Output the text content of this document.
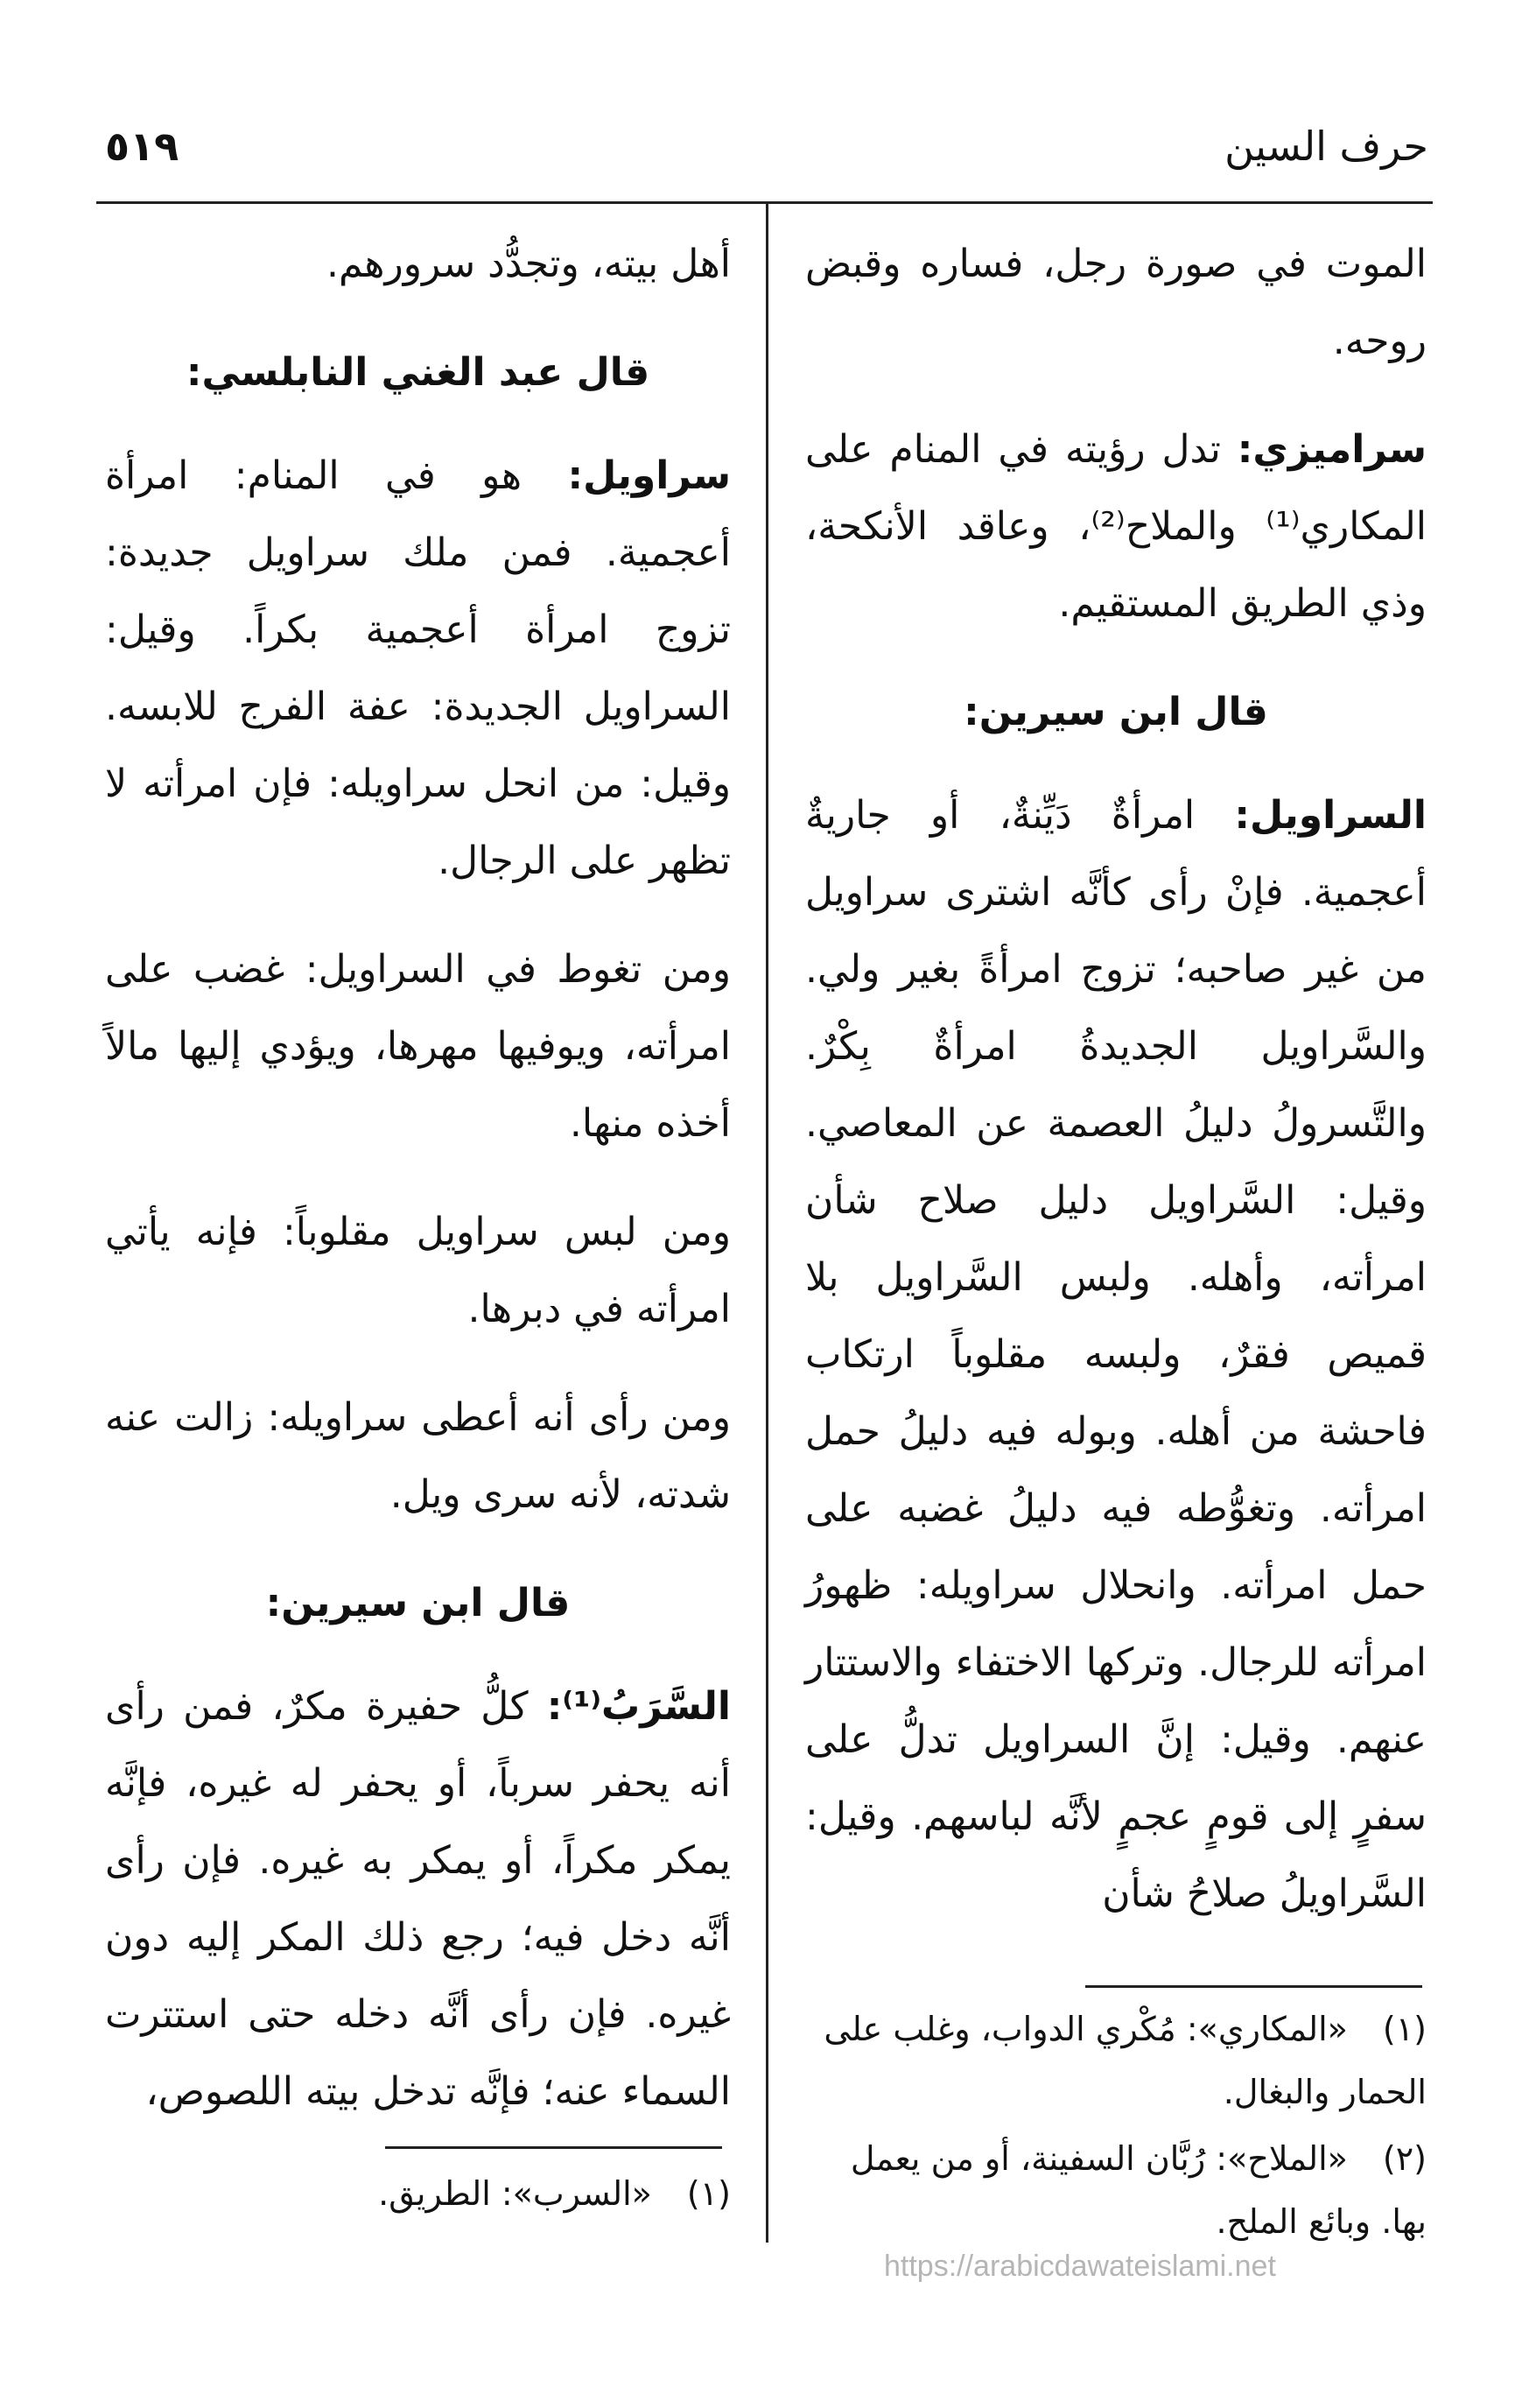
٥١٩	حرف السين

الموت في صورة رجل، فساره وقبض روحه.

سراميزي: تدل رؤيته في المنام على المكاري⁽¹⁾ والملاح⁽²⁾، وعاقد الأنكحة، وذي الطريق المستقيم.

قال ابن سيرين:

السراويل: امرأةٌ دَيِّنةٌ، أو جاريةٌ أعجمية. فإنْ رأى كأنَّه اشترى سراويل من غير صاحبه؛ تزوج امرأةً بغير ولي. والسَّراويل الجديدةُ امرأةٌ بِكْرٌ. والتَّسرولُ دليلُ العصمة عن المعاصي. وقيل: السَّراويل دليل صلاح شأن امرأته، وأهله. ولبس السَّراويل بلا قميص فقرٌ، ولبسه مقلوباً ارتكاب فاحشة من أهله. وبوله فيه دليلُ حمل امرأته. وتغوُّطه فيه دليلُ غضبه على حمل امرأته. وانحلال سراويله: ظهورُ امرأته للرجال. وتركها الاختفاء والاستتار عنهم. وقيل: إنَّ السراويل تدلُّ على سفرٍ إلى قومٍ عجمٍ لأنَّه لباسهم. وقيل: السَّراويلُ صلاحُ شأن

(١)«المكاري»: مُكْري الدواب، وغلب على الحمار والبغال.

(٢)«الملاح»: رُبَّان السفينة، أو من يعمل بها. وبائع الملح.

أهل بيته، وتجدُّد سرورهم.

قال عبد الغني النابلسي:

سراويل: هو في المنام: امرأة أعجمية. فمن ملك سراويل جديدة: تزوج امرأة أعجمية بكراً. وقيل: السراويل الجديدة: عفة الفرج للابسه. وقيل: من انحل سراويله: فإن امرأته لا تظهر على الرجال.

ومن تغوط في السراويل: غضب على امرأته، ويوفيها مهرها، ويؤدي إليها مالاً أخذه منها.

ومن لبس سراويل مقلوباً: فإنه يأتي امرأته في دبرها.

ومن رأى أنه أعطى سراويله: زالت عنه شدته، لأنه سرى ويل.

قال ابن سيرين:

السَّرَبُ⁽¹⁾: كلُّ حفيرة مكرٌ، فمن رأى أنه يحفر سرباً، أو يحفر له غيره، فإنَّه يمكر مكراً، أو يمكر به غيره. فإن رأى أنَّه دخل فيه؛ رجع ذلك المكر إليه دون غيره. فإن رأى أنَّه دخله حتى استترت السماء عنه؛ فإنَّه تدخل بيته اللصوص،

(١)«السرب»: الطريق.

https://arabicdawateislami.net
